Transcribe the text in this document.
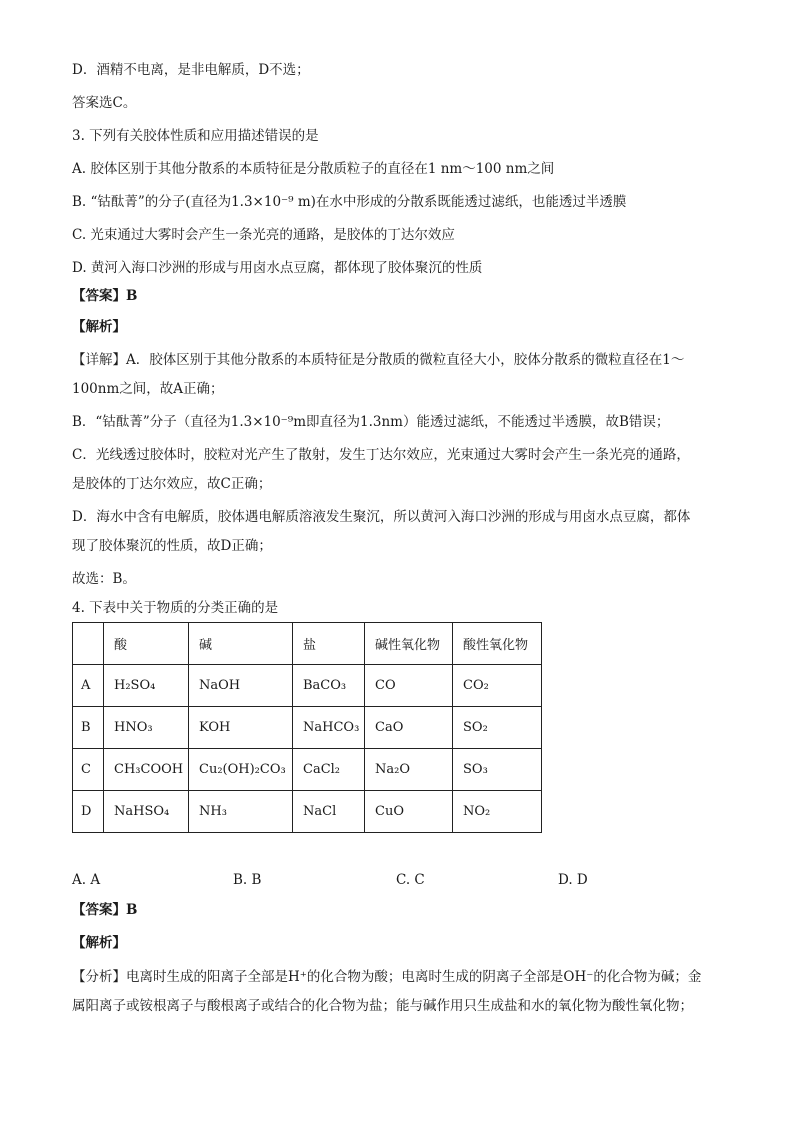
D．酒精不电离，是非电解质，D不选；
答案选C。
3. 下列有关胶体性质和应用描述错误的是
A. 胶体区别于其他分散系的本质特征是分散质粒子的直径在1 nm～100 nm之间
B. “钴酞菁”的分子(直径为1.3×10⁻⁹ m)在水中形成的分散系既能透过滤纸，也能透过半透膜
C. 光束通过大雾时会产生一条光亮的通路，是胶体的丁达尔效应
D. 黄河入海口沙洲的形成与用卤水点豆腐，都体现了胶体聚沉的性质
【答案】B
【解析】
【详解】A．胶体区别于其他分散系的本质特征是分散质的微粒直径大小，胶体分散系的微粒直径在1～
100nm之间，故A正确；
B．“钴酞菁”分子（直径为1.3×10⁻⁹m即直径为1.3nm）能透过滤纸，不能透过半透膜，故B错误；
C．光线透过胶体时，胶粒对光产生了散射，发生丁达尔效应，光束通过大雾时会产生一条光亮的通路，
是胶体的丁达尔效应，故C正确；
D．海水中含有电解质，胶体遇电解质溶液发生聚沉，所以黄河入海口沙洲的形成与用卤水点豆腐，都体
现了胶体聚沉的性质，故D正确；
故选：B。
4. 下表中关于物质的分类正确的是
	酸	碱	盐	碱性氧化物	酸性氧化物
A	H₂SO₄	NaOH	BaCO₃	CO	CO₂
B	HNO₃	KOH	NaHCO₃	CaO	SO₂
C	CH₃COOH	Cu₂(OH)₂CO₃	CaCl₂	Na₂O	SO₃
D	NaHSO₄	NH₃	NaCl	CuO	NO₂
A. A	B. B	C. C	D. D
【答案】B
【解析】
【分析】电离时生成的阳离子全部是H⁺的化合物为酸；电离时生成的阴离子全部是OH⁻的化合物为碱；金
属阳离子或铵根离子与酸根离子或结合的化合物为盐；能与碱作用只生成盐和水的氧化物为酸性氧化物；
